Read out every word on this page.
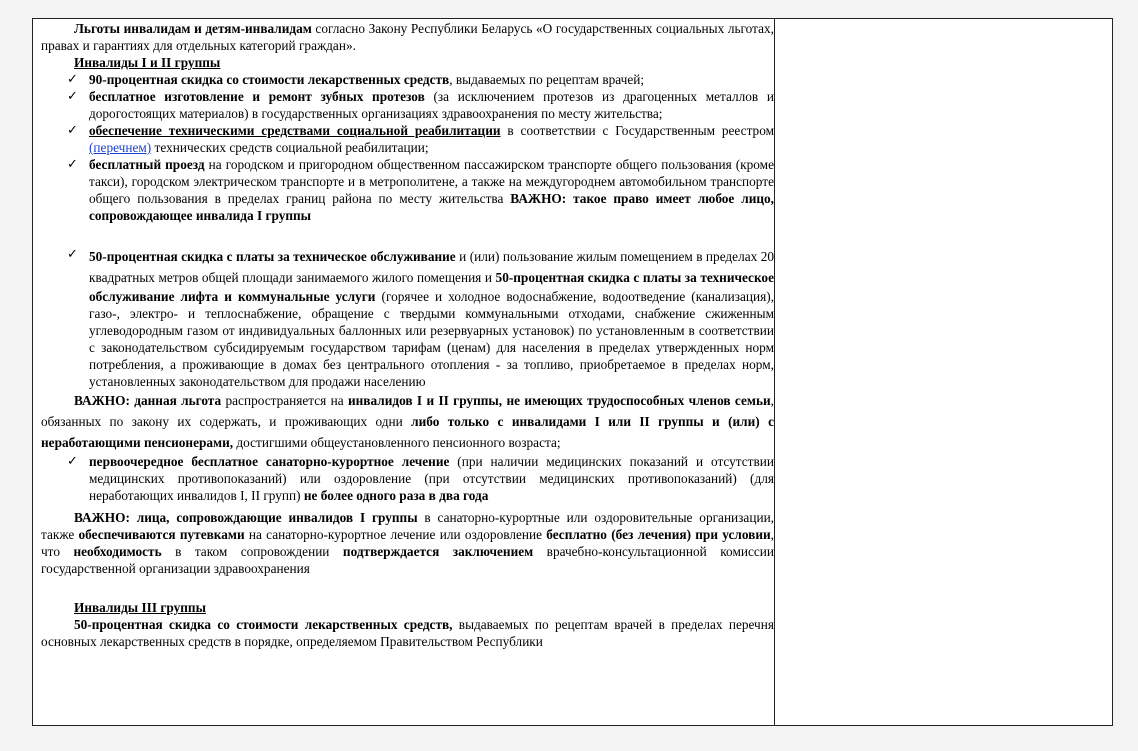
Льготы инвалидам и детям-инвалидам согласно Закону Республики Беларусь «О государственных социальных льготах, правах и гарантиях для отдельных категорий граждан».

Инвалиды I и II группы
✓ 90-процентная скидка со стоимости лекарственных средств, выдаваемых по рецептам врачей;
✓ бесплатное изготовление и ремонт зубных протезов (за исключением протезов из драгоценных металлов и дорогостоящих материалов) в государственных организациях здравоохранения по месту жительства;
✓ обеспечение техническими средствами социальной реабилитации в соответствии с Государственным реестром (перечнем) технических средств социальной реабилитации;
✓ бесплатный проезд на городском и пригородном общественном пассажирском транспорте общего пользования (кроме такси), городском электрическом транспорте и в метрополитене, а также на междугороднем автомобильном транспорте общего пользования в пределах границ района по месту жительства ВАЖНО: такое право имеет любое лицо, сопровождающее инвалида I группы
✓ 50-процентная скидка с платы за техническое обслуживание и (или) пользование жилым помещением в пределах 20 квадратных метров общей площади занимаемого жилого помещения и 50-процентная скидка с платы за техническое обслуживание лифта и коммунальные услуги (горячее и холодное водоснабжение, водоотведение (канализация), газо-, электро- и теплоснабжение, обращение с твердыми коммунальными отходами, снабжение сжиженным углеводородным газом от индивидуальных баллонных или резервуарных установок) по установленным в соответствии с законодательством субсидируемым государством тарифам (ценам) для населения в пределах утвержденных норм потребления, а проживающие в домах без центрального отопления - за топливо, приобретаемое в пределах норм, установленных законодательством для продажи населению

ВАЖНО: данная льгота распространяется на инвалидов I и II группы, не имеющих трудоспособных членов семьи, обязанных по закону их содержать, и проживающих одни либо только с инвалидами I или II группы и (или) с неработающими пенсионерами, достигшими общеустановленного пенсионного возраста;

✓ первоочередное бесплатное санаторно-курортное лечение (при наличии медицинских показаний и отсутствии медицинских противопоказаний) или оздоровление (при отсутствии медицинских противопоказаний) (для неработающих инвалидов I, II групп) не более одного раза в два года

ВАЖНО: лица, сопровождающие инвалидов I группы в санаторно-курортные или оздоровительные организации, также обеспечиваются путевками на санаторно-курортное лечение или оздоровление бесплатно (без лечения) при условии, что необходимость в таком сопровождении подтверждается заключением врачебно-консультационной комиссии государственной организации здравоохранения

Инвалиды III группы

50-процентная скидка со стоимости лекарственных средств, выдаваемых по рецептам врачей в пределах перечня основных лекарственных средств в порядке, определяемом Правительством Республики
